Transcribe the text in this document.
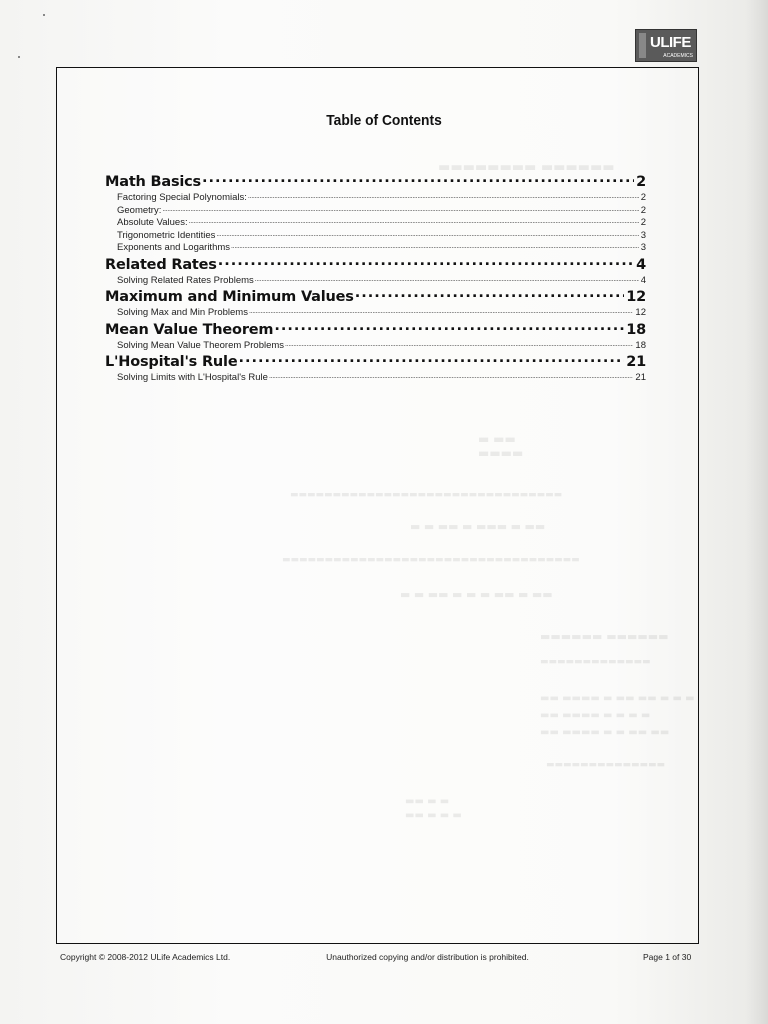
ULIFE
ACADEMICS
▬▬▬▬▬▬ ▬▬▬▬▬▬▬▬
▬ ▬▬
▬▬▬▬
▬▬▬▬▬▬▬▬▬▬▬▬▬▬▬▬▬▬▬▬▬▬▬▬▬▬▬▬▬▬▬▬
▬ ▬ ▬▬ ▬ ▬▬▬ ▬ ▬▬
▬▬▬▬▬▬▬▬▬▬▬▬▬▬▬▬▬▬▬▬▬▬▬▬▬▬▬▬▬▬▬▬▬▬▬
▬ ▬ ▬▬ ▬ ▬ ▬ ▬▬ ▬ ▬▬
▬▬▬▬▬▬ ▬▬▬▬▬▬
▬▬▬▬▬▬▬▬▬▬▬▬▬
▬▬ ▬▬▬▬ ▬ ▬▬ ▬▬ ▬ ▬ ▬
▬▬ ▬▬▬▬ ▬ ▬ ▬ ▬
▬▬ ▬▬▬▬ ▬ ▬ ▬▬ ▬▬
▬▬▬▬▬▬▬▬▬▬▬▬▬▬
▬▬ ▬ ▬
▬▬ ▬ ▬ ▬
Table of Contents
Math Basics .....	2
Factoring Special Polynomials: .....	2
Geometry: .....	2
Absolute Values: .....	2
Trigonometric Identities .....	3
Exponents and Logarithms .....	3
Related Rates .....	4
Solving Related Rates Problems .....	4
Maximum and Minimum Values .....	12
Solving Max and Min Problems .....	12
Mean Value Theorem .....	18
Solving Mean Value Theorem Problems .....	18
L'Hospital's Rule .....	21
Solving Limits with L'Hospital's Rule .....	21
Copyright © 2008-2012 ULife Academics Ltd.	Unauthorized copying and/or distribution is prohibited.	Page 1 of 30
